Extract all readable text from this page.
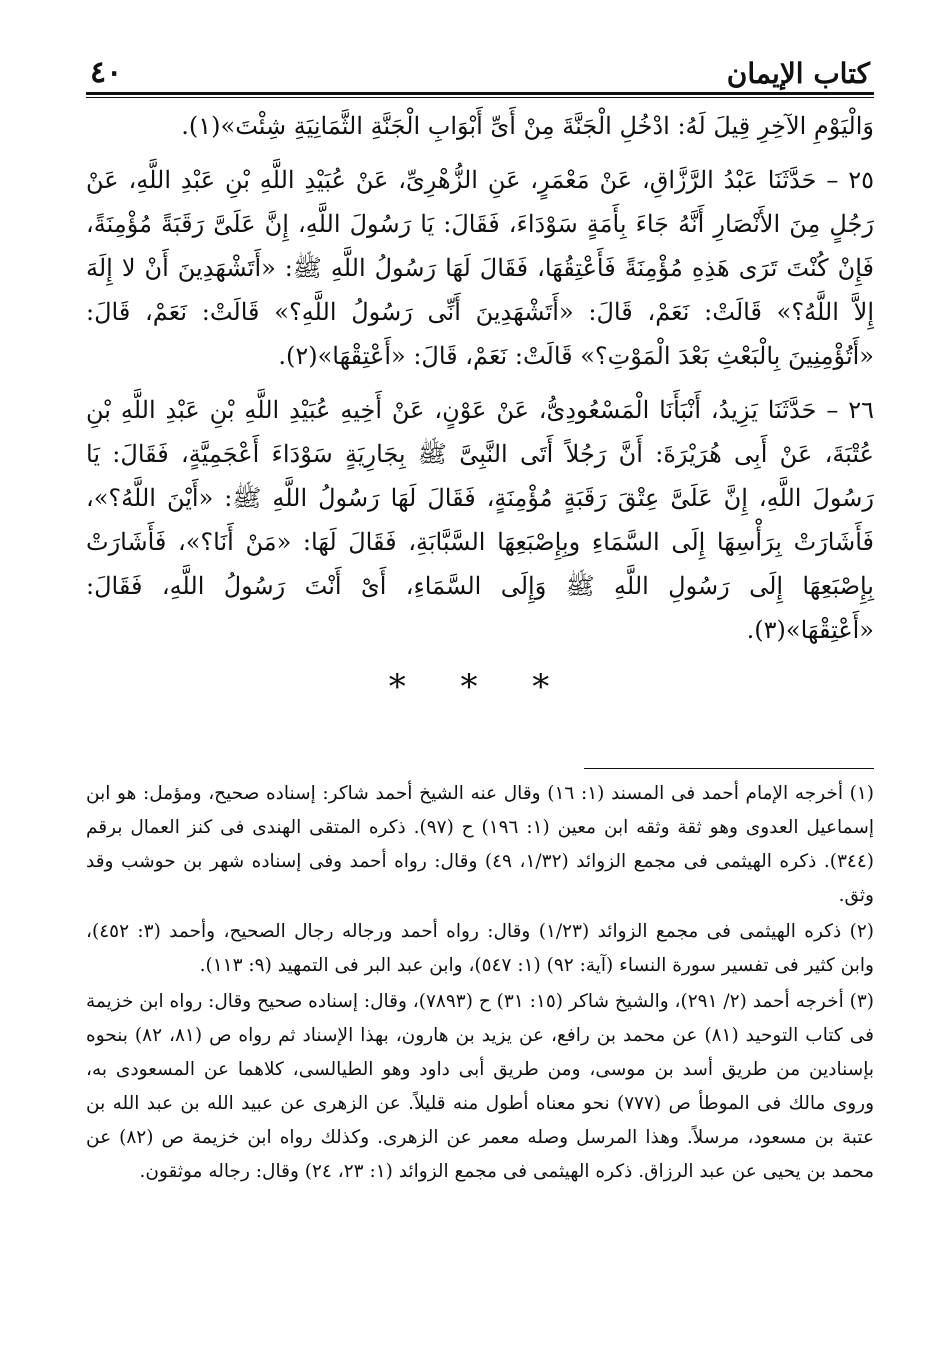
كتاب الإيمان
٤٠

وَالْيَوْمِ الآخِرِ قِيلَ لَهُ: ادْخُلِ الْجَنَّةَ مِنْ أَىِّ أَبْوَابِ الْجَنَّةِ الثَّمَانِيَةِ شِئْتَ»(١).

٢٥ – حَدَّثَنَا عَبْدُ الرَّزَّاقِ، عَنْ مَعْمَرٍ، عَنِ الزُّهْرِىِّ، عَنْ عُبَيْدِ اللَّهِ بْنِ عَبْدِ اللَّهِ، عَنْ رَجُلٍ مِنَ الأَنْصَارِ أَنَّهُ جَاءَ بِأَمَةٍ سَوْدَاءَ، فَقَالَ: يَا رَسُولَ اللَّهِ، إِنَّ عَلَىَّ رَقَبَةً مُؤْمِنَةً، فَإِنْ كُنْتَ تَرَى هَذِهِ مُؤْمِنَةً فَأَعْتِقُهَا، فَقَالَ لَهَا رَسُولُ اللَّهِ ﷺ: «أَتَشْهَدِينَ أَنْ لا إِلَهَ إِلاَّ اللَّهُ؟» قَالَتْ: نَعَمْ، قَالَ: «أَتَشْهَدِينَ أَنِّى رَسُولُ اللَّهِ؟» قَالَتْ: نَعَمْ، قَالَ: «أَتُؤْمِنِينَ بِالْبَعْثِ بَعْدَ الْمَوْتِ؟» قَالَتْ: نَعَمْ، قَالَ: «أَعْتِقْهَا»(٢).

٢٦ – حَدَّثَنَا يَزِيدُ، أَنْبَأَنَا الْمَسْعُودِىُّ، عَنْ عَوْنٍ، عَنْ أَخِيهِ عُبَيْدِ اللَّهِ بْنِ عَبْدِ اللَّهِ بْنِ عُتْبَةَ، عَنْ أَبِى هُرَيْرَةَ: أَنَّ رَجُلاً أَتَى النَّبِىَّ ﷺ بِجَارِيَةٍ سَوْدَاءَ أَعْجَمِيَّةٍ، فَقَالَ: يَا رَسُولَ اللَّهِ، إِنَّ عَلَىَّ عِتْقَ رَقَبَةٍ مُؤْمِنَةٍ، فَقَالَ لَهَا رَسُولُ اللَّهِ ﷺ: «أَيْنَ اللَّهُ؟»، فَأَشَارَتْ بِرَأْسِهَا إِلَى السَّمَاءِ وبِإِصْبَعِهَا السَّبَّابَةِ، فَقَالَ لَهَا: «مَنْ أَنَا؟»، فَأَشَارَتْ بِإِصْبَعِهَا إِلَى رَسُولِ اللَّهِ ﷺ وَإِلَى السَّمَاءِ، أَىْ أَنْتَ رَسُولُ اللَّهِ، فَقَالَ: «أَعْتِقْهَا»(٣).

* * *

(١) أخرجه الإمام أحمد فى المسند (١: ١٦) وقال عنه الشيخ أحمد شاكر: إسناده صحيح، ومؤمل: هو ابن إسماعيل العدوى وهو ثقة وثقه ابن معين (١: ١٩٦) ح (٩٧). ذكره المتقى الهندى فى كنز العمال برقم (٣٤٤). ذكره الهيثمى فى مجمع الزوائد (١/٣٢، ٤٩) وقال: رواه أحمد وفى إسناده شهر بن حوشب وقد وثق.

(٢) ذكره الهيثمى فى مجمع الزوائد (١/٢٣) وقال: رواه أحمد ورجاله رجال الصحيح، وأحمد (٣: ٤٥٢)، وابن كثير فى تفسير سورة النساء (آية: ٩٢) (١: ٥٤٧)، وابن عبد البر فى التمهيد (٩: ١١٣).

(٣) أخرجه أحمد (٢/ ٢٩١)، والشيخ شاكر (١٥: ٣١) ح (٧٨٩٣)، وقال: إسناده صحيح وقال: رواه ابن خزيمة فى كتاب التوحيد (٨١) عن محمد بن رافع، عن يزيد بن هارون، بهذا الإسناد ثم رواه ص (٨١، ٨٢) بنحوه بإسنادين من طريق أسد بن موسى، ومن طريق أبى داود وهو الطيالسى، كلاهما عن المسعودى به، وروى مالك فى الموطأ ص (٧٧٧) نحو معناه أطول منه قليلاً. عن الزهرى عن عبيد الله بن عبد الله بن عتبة بن مسعود، مرسلاً. وهذا المرسل وصله معمر عن الزهرى. وكذلك رواه ابن خزيمة ص (٨٢) عن محمد بن يحيى عن عبد الرزاق. ذكره الهيثمى فى مجمع الزوائد (١: ٢٣، ٢٤) وقال: رجاله موثقون.
